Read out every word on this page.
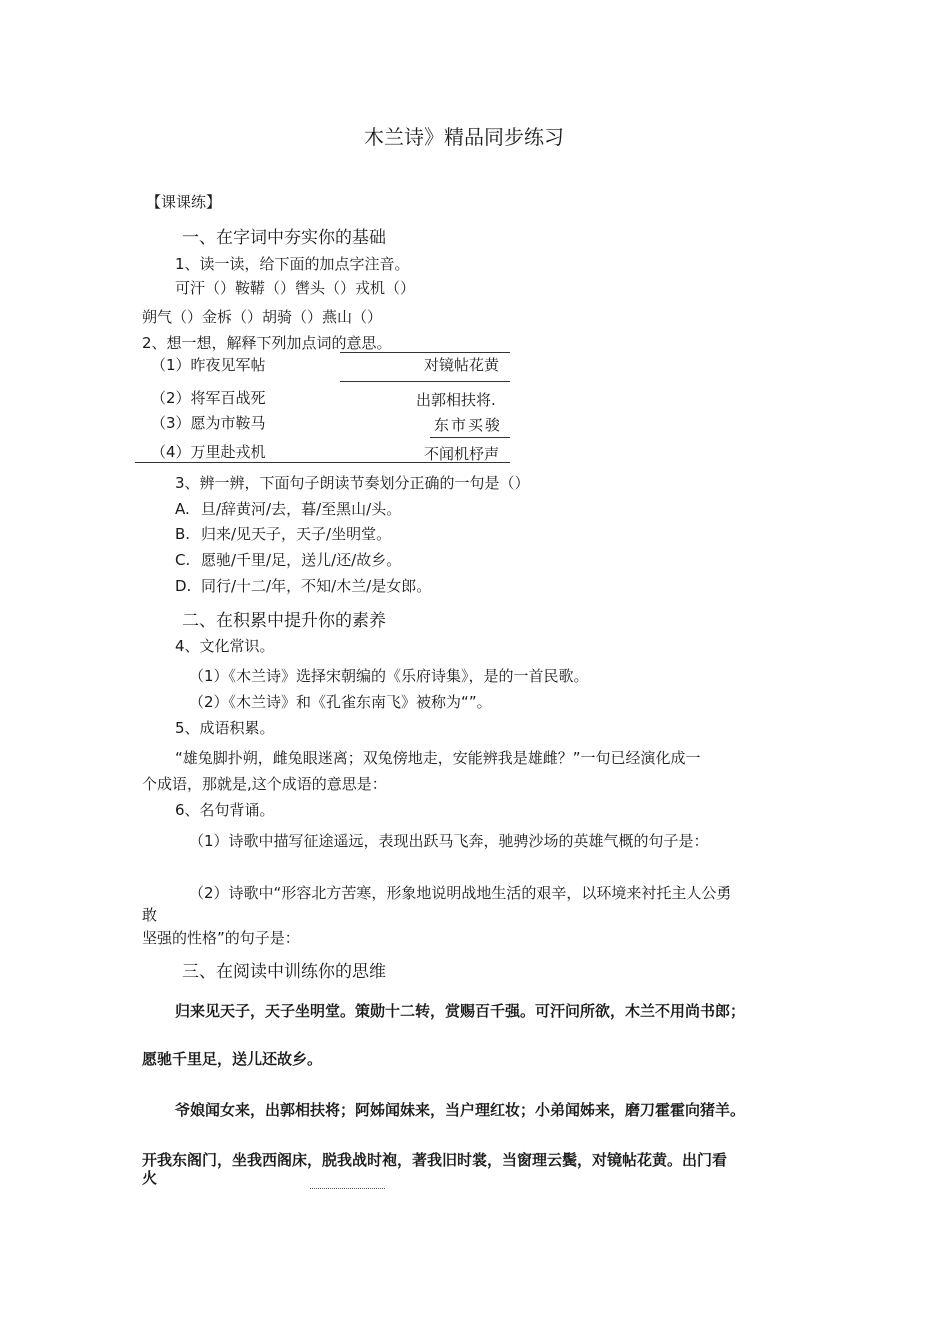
木兰诗》精品同步练习
【课课练】
一、在字词中夯实你的基础
1、读一读，给下面的加点字注音。
可汗（）鞍鞯（）辔头（）戎机（）
朔气（）金柝（）胡骑（）燕山（）
2、想一想，解释下列加点词的意思。
（1）昨夜见军帖	对镜帖花黄
（2）将军百战死	出郭相扶将.
（3）愿为市鞍马	东市买骏
（4）万里赴戎机	不闻机杼声
3、辨一辨，下面句子朗读节奏划分正确的一句是（）
A. 旦/辞黄河/去，暮/至黑山/头。
B. 归来/见天子，天子/坐明堂。
C. 愿驰/千里/足，送儿/还/故乡。
D. 同行/十二/年，不知/木兰/是女郎。
二、在积累中提升你的素养
4、文化常识。
（1）《木兰诗》选择宋朝编的《乐府诗集》，是的一首民歌。
（2）《木兰诗》和《孔雀东南飞》被称为“”。
5、成语积累。
“雄兔脚扑朔，雌兔眼迷离；双兔傍地走，安能辨我是雄雌？”一句已经演化成一
个成语，那就是,这个成语的意思是：
6、名句背诵。
（1）诗歌中描写征途遥远，表现出跃马飞奔，驰骋沙场的英雄气概的句子是：
（2）诗歌中“形容北方苦寒，形象地说明战地生活的艰辛，以环境来衬托主人公勇
敢
坚强的性格”的句子是：
三、在阅读中训练你的思维
归来见天子，天子坐明堂。策勋十二转，赏赐百千强。可汗问所欲，木兰不用尚书郎；
愿驰千里足，送儿还故乡。
爷娘闻女来，出郭相扶将；阿姊闻妹来，当户理红妆；小弟闻姊来，磨刀霍霍向猪羊。
开我东阁门，坐我西阁床，脱我战时袍，著我旧时裳，当窗理云鬓，对镜帖花黄。出门看
火
